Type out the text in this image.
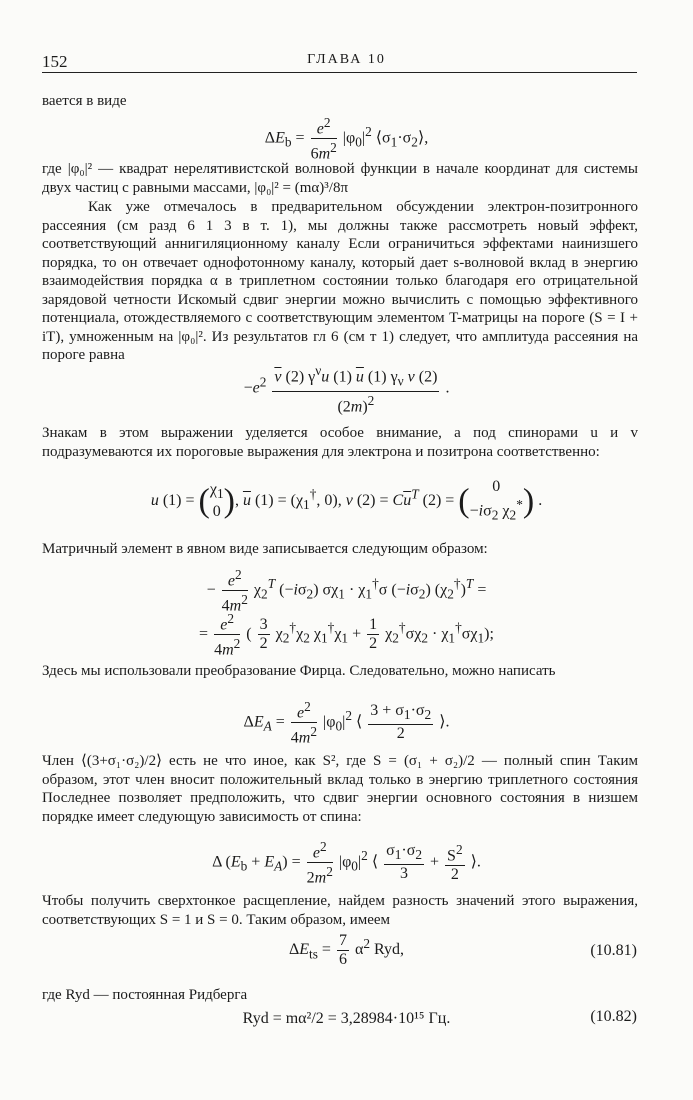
152	ГЛАВА 10
вается в виде
$\Delta E_b = \frac{e^2}{6m^2} |\varphi_0|^2$ $⟨\sigma_1\cdot\sigma_2⟩$,
где |φ₀|² — квадрат нерелятивистской волновой функции в начале координат для системы двух частиц с равными массами, |φ₀|² = (mα)³/8π
Как уже отмечалось в предварительном обсуждении электрон-позитронного рассеяния (см разд 6 1 3 в т. 1), мы должны также рассмотреть новый эффект, соответствующий аннигиляционному каналу Если ограничиться эффектами наинизшего порядка, то он отвечает однофотонному каналу, который дает s-волновой вклад в энергию взаимодействия порядка α в триплетном состоянии только благодаря его отрицательной зарядовой четности Искомый сдвиг энергии можно вычислить с помощью эффективного потенциала, отождествляемого с соответствующим элементом T-матрицы на пороге (S = I + iT), умноженным на |φ₀|². Из результатов гл 6 (см т 1) следует, что амплитуда рассеяния на пороге равна
$-e^2 \frac{\overline{v} (2) \gamma^\nu u (1) \overline{u} (1) \gamma_\nu v (2)}{(2m)^2}$ .
Знакам в этом выражении уделяется особое внимание, а под спинорами u и v подразумеваются их пороговые выражения для электрона и позитрона соответственно:
u $(1) = (\chi_1$
0), $\overline{u}$ $(1) = (\chi_1^\dagger$, 0), v $(2) = C\overline{u}^T$ (2) = ( 0
$-i\sigma_2$ $\chi_2^*$) .
Матричный элемент в явном виде записывается следующим образом:
− $\frac{e^2}{4m^2} \chi_2^T$ $(-i\sigma_2) \sigma\chi_1 \cdot \chi_1^\dagger\sigma$ $(-i\sigma_2) (\chi_2^\dagger)^T$ =
= $\frac{e^2}{4m^2}$ ( $\frac{3}{2} \chi_2^\dagger\chi_2$ $\chi_1^\dagger\chi_1 + \frac{1}{2} \chi_2^\dagger\sigma\chi_2 \cdot \chi_1^\dagger\sigma\chi_1$);
Здесь мы использовали преобразование Фирца. Следовательно, можно написать
$\Delta E_A = \frac{e^2}{4m^2} |\varphi_0|^2$ ⟨ $\frac{3 + \sigma_1\cdot\sigma_2}{2}$ ⟩.
Член ⟨(3+σ₁·σ₂)/2⟩ есть не что иное, как S², где S = (σ₁ + σ₂)/2 — полный спин Таким образом, этот член вносит положительный вклад только в энергию триплетного состояния Последнее позволяет предположить, что сдвиг энергии основного состояния в низшем порядке имеет следующую зависимость от спина:
Δ $(E_b + E_A) = \frac{e^2}{2m^2} |\varphi_0|^2$ ⟨ $\frac{\sigma_1\cdot\sigma_2}{3} + \frac{S^2}{2}$ ⟩.
Чтобы получить сверхтонкое расщепление, найдем разность значений этого выражения, соответствующих S = 1 и S = 0. Таким образом, имеем
$\Delta E_{ts} = \frac{7}{6} \alpha^2$ Ryd,	(10.81)
где Ryd — постоянная Ридберга
Ryd = mα²/2 = 3,28984·10¹⁵ Гц.	(10.82)
